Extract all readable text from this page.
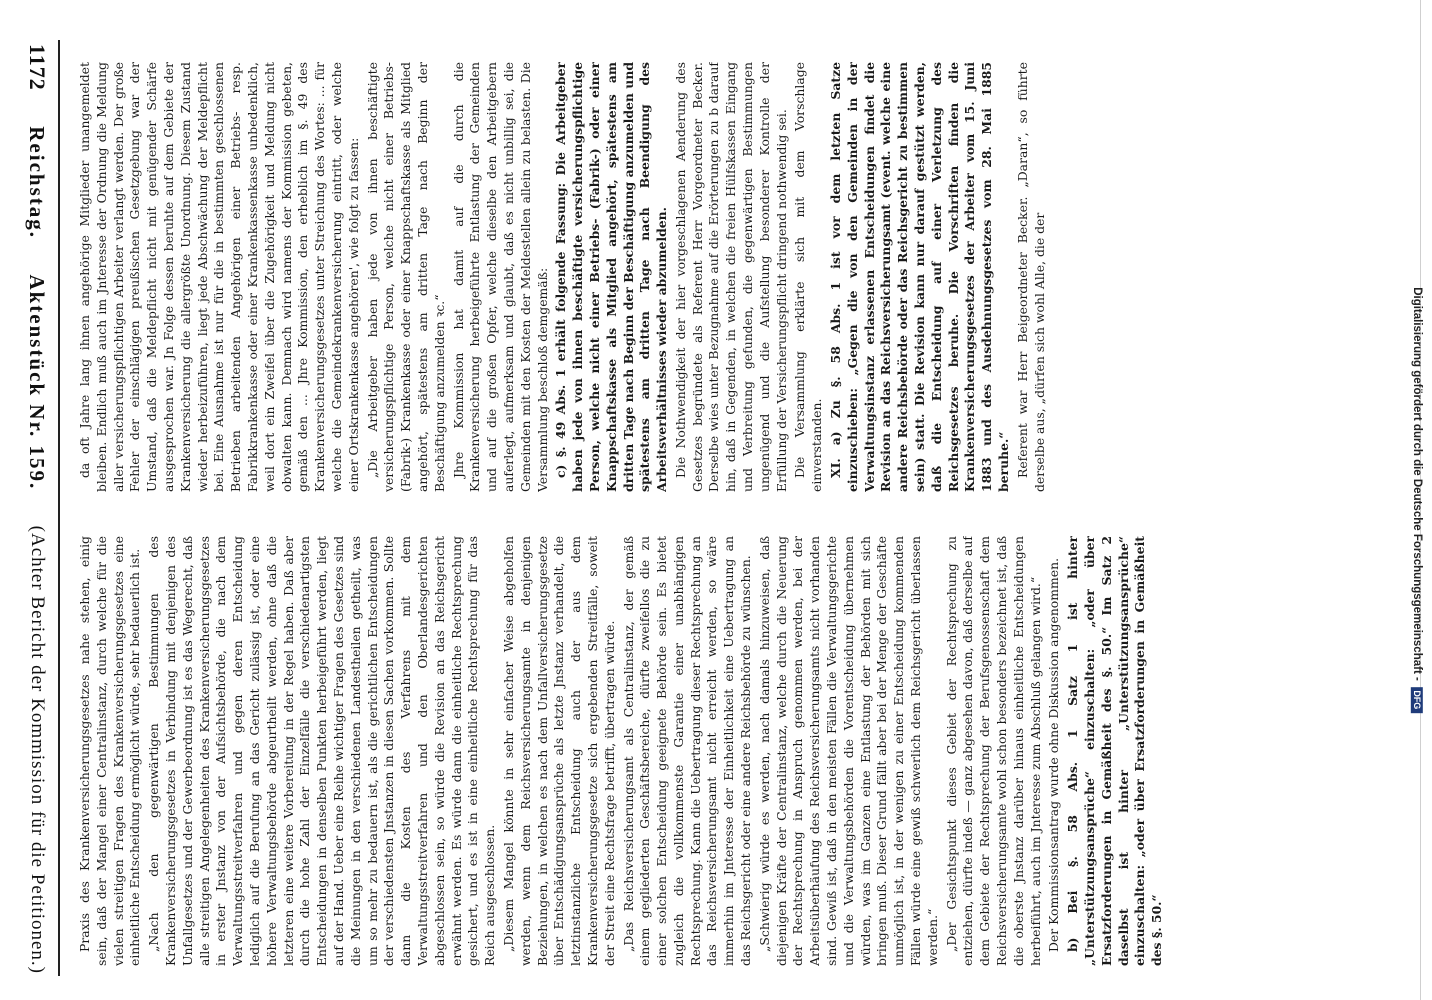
da oft Jahre lang ihnen angehörige Mitglieder unangemeldet bleiben. Endlich muß auch im Jnteresse der Ordnung die Meldung aller versicherungspflichtigen Arbeiter verlangt werden. Der große Fehler der einschlägigen preußischen Gesetzgebung war der Umstand, daß die Meldepflicht nicht mit genügender Schärfe ausgesprochen war. Jn Folge dessen beruhte auf dem Gebiete der Krankenversicherung die allergrößte Unordnung. Diesem Zustand wieder herbeizuführen, liegt jede Abschwächung der Meldepflicht bei. Eine Ausnahme ist nur für die in bestimmten geschlossenen Betrieben arbeitenden Angehörigen einer Betriebs- resp. Fabrikkrankenkasse oder einer Krankenkassenkasse unbedenklich, weil dort ein Zweifel über die Zugehörigkeit und Meldung nicht obwalten kann. Demnach wird namens der Kommission gebeten, gemäß den ... Jhre Kommission, den erheblich im §. 49 des Krankenversicherungsgesetzes unter Streichung des Wortes: ... für welche die Gemeindekrankenversicherung eintritt, oder welche einer Ortskrankenkasse angehören', wie folgt zu fassen: „Die Arbeitgeber haben jede von ihnen beschäftigte versicherungspflichtige Person, welche nicht einer Betriebs- (Fabrik-) Krankenkasse oder einer Knappschaftskasse als Mitglied angehört, spätestens am dritten Tage nach Beginn der Beschäftigung anzumelden ꝛc.“ Jhre Kommission hat damit auf die durch die Krankenversicherung herbeigeführte Entlastung der Gemeinden und auf die großen Opfer, welche dieselbe den Arbeitgebern auferlegt, aufmerksam und glaubt, daß es nicht unbillig sei, die Gemeinden mit den Kosten der Meldestellen allein zu belasten. Die Versammlung beschloß demgemäß: c) §. 49 Abs. 1 erhält folgende Fassung: Die Arbeitgeber haben jede von ihnen beschäftigte versicherungspflichtige Person, welche nicht einer Betriebs- (Fabrik-) oder einer Knappschaftskasse als Mitglied angehört, spätestens am dritten Tage nach Beginn der Beschäftigung anzumelden und spätestens am dritten Tage nach Beendigung des Arbeitsverhältnisses wieder abzumelden. Die Nothwendigkeit der hier vorgeschlagenen Aenderung des Gesetzes begründete als Referent Herr Vorgeordneter Becker. Derselbe wies unter Bezugnahme auf die Erörterungen zu b darauf hin, daß in Gegenden, in welchen die freien Hülfskassen Eingang und Verbreitung gefunden, die gegenwärtigen Bestimmungen ungenügend und die Aufstellung besonderer Kontrolle der Erfüllung der Versicherungspflicht dringend nothwendig sei. Die Versammlung erklärte sich mit dem Vorschlage einverstanden. XI. a) Zu §. 58 Abs. 1 ist vor dem letzten Satze einzuschieben: „Gegen die von den Gemeinden in der Verwaltungsinstanz erlassenen Entscheidungen findet die Revision an das Reichsversicherungsamt (event. welche eine andere Reichsbehörde oder das Reichsgericht zu bestimmen sein) statt. Die Revision kann nur darauf gestützt werden, daß die Entscheidung auf einer Verletzung des Reichsgesetzes beruhe. Die Vorschriften finden die Krankenversicherungsgesetzes der Arbeiter vom 15. Juni 1883 und des Ausdehnungsgesetzes vom 28. Mai 1885 beruhe.“ Referent war Herr Beigeordneter Becker. „Daran“, so führte derselbe aus, „dürfen sich wohl Alle, die der

Praxis des Krankenversicherungsgesetzes nahe stehen, einig sein, daß der Mangel einer Centralinstanz, durch welche für die vielen streitigen Fragen des Krankenversicherungsgesetzes eine einheitliche Entscheidung ermöglicht würde, sehr bedauerlich ist. „Nach den gegenwärtigen Bestimmungen des Krankenversicherungsgesetzes in Verbindung mit denjenigen des Unfallgesetzes und der Gewerbeordnung ist es das Wegerecht, daß alle streitigen Angelegenheiten des Krankenversicherungsgesetzes in erster Jnstanz von der Aufsichtsbehörde, die nach dem Verwaltungsstreitverfahren und gegen deren Entscheidung lediglich auf die Berufung an das Gericht zulässig ist, oder eine höhere Verwaltungsbehörde abgeurtheilt werden, ohne daß die letzteren eine weitere Vorbereitung in der Regel haben. Daß aber durch die hohe Zahl der Einzelfälle die verschiedenartigsten Entscheidungen in denselben Punkten herbeigeführt werden, liegt auf der Hand. Ueber eine Reihe wichtiger Fragen des Gesetzes sind die Meinungen in den verschiedenen Landestheilen getheilt, was um so mehr zu bedauern ist, als die gerichtlichen Entscheidungen der verschiedensten Jnstanzen in diesen Sachen vorkommen. Sollte dann die Kosten des Verfahrens mit dem Verwaltungsstreitverfahren und den Oberlandesgerichten abgeschlossen sein, so würde die Revision an das Reichsgericht erwähnt werden. Es würde dann die einheitliche Rechtsprechung gesichert, und es ist in eine einheitliche Rechtsprechung für das Reich ausgeschlossen. „Diesem Mangel könnte in sehr einfacher Weise abgeholfen werden, wenn dem Reichsversicherungsamte in denjenigen Beziehungen, in welchen es nach dem Unfallversicherungsgesetze über Entschädigungsansprüche als letzte Jnstanz verhandelt, die letztinstanzliche Entscheidung auch der aus dem Krankenversicherungsgesetze sich ergebenden Streitfälle, soweit der Streit eine Rechtsfrage betrifft, übertragen würde. „Das Reichsversicherungsamt als Centralinstanz, der gemäß einem gegliederten Geschäftsbereiche, dürfte zweifellos die zu einer solchen Entscheidung geeignete Behörde sein. Es bietet zugleich die vollkommenste Garantie einer unabhängigen Rechtsprechung. Kann die Uebertragung dieser Rechtsprechung an das Reichsversicherungsamt nicht erreicht werden, so wäre immerhin im Jnteresse der Einheitlichkeit eine Uebertragung an das Reichsgericht oder eine andere Reichsbehörde zu wünschen. „Schwierig würde es werden, nach damals hinzuweisen, daß diejenigen Kräfte der Centralinstanz, welche durch die Neuerung der Rechtsprechung in Anspruch genommen werden, bei der Arbeitsüberhäufung des Reichsversicherungsamts nicht vorhanden sind. Gewiß ist, daß in den meisten Fällen die Verwaltungsgerichte und die Verwaltungsbehörden die Vorentscheidung übernehmen würden, was im Ganzen eine Entlastung der Behörden mit sich bringen muß. Dieser Grund fällt aber bei der Menge der Geschäfte unmöglich ist, in der wenigen zu einer Entscheidung kommenden Fällen würde eine gewiß schwerlich dem Reichsgericht überlassen werden.“ „Der Gesichtspunkt dieses Gebiet der Rechtsprechung zu entziehen, dürfte indeß — ganz abgesehen davon, daß derselbe auf dem Gebiete der Rechtsprechung der Berufsgenossenschaft dem Reichsversicherungsamte wohl schon besonders bezeichnet ist, daß die oberste Jnstanz darüber hinaus einheitliche Entscheidungen herbeiführt, auch im Jnteresse zum Abschluß gelangen wird.“ Der Kommissionsantrag wurde ohne Diskussion angenommen. b) Bei §. 58 Abs. 1 Satz 1 ist hinter „Unterstützungsansprüche“ einzuschalten: „oder über Ersatzforderungen in Gemäßheit des §. 50.“ Im Satz 2 daselbst ist hinter „Unterstützungsansprüche“ einzuschalten: „oder über Ersatzforderungen in Gemäßheit des §. 50.“

1172
Reichstag.
Aktenstück Nr. 159.
(Achter Bericht der Kommission für die Petitionen.)
Digitalisierung gefördert durch die Deutsche Forschungsgemeinschaft -
DFG
